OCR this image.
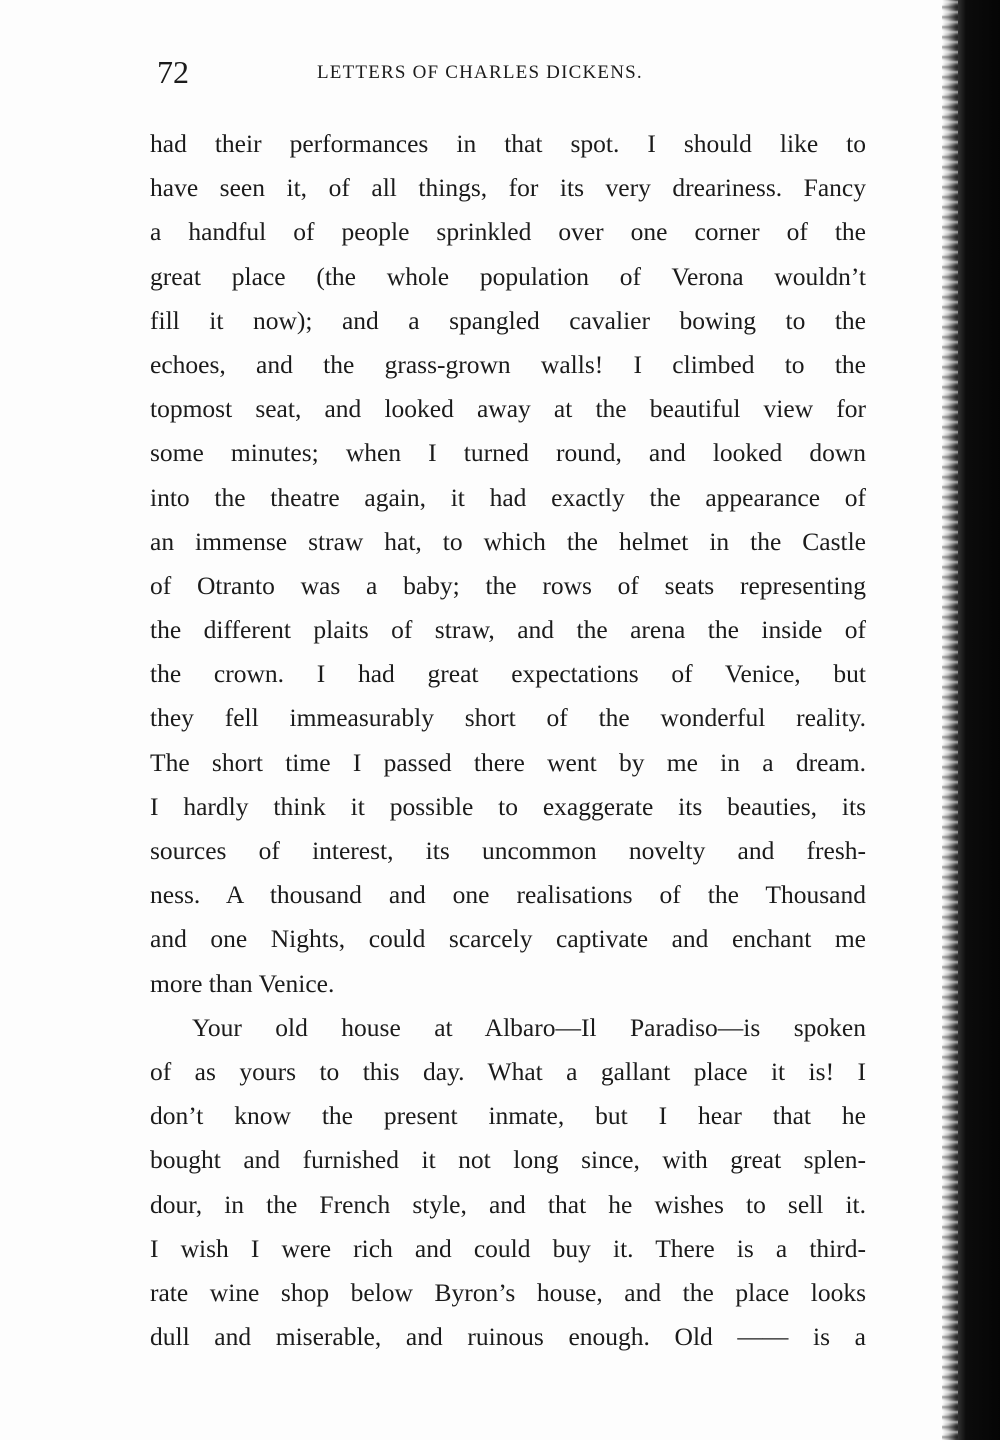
72	LETTERS OF CHARLES DICKENS.
had their performances in that spot. I should like to
have seen it, of all things, for its very dreariness. Fancy
a handful of people sprinkled over one corner of the
great place (the whole population of Verona wouldn’t
fill it now); and a spangled cavalier bowing to the
echoes, and the grass-grown walls! I climbed to the
topmost seat, and looked away at the beautiful view for
some minutes; when I turned round, and looked down
into the theatre again, it had exactly the appearance of
an immense straw hat, to which the helmet in the Castle
of Otranto was a baby; the rows of seats representing
the different plaits of straw, and the arena the inside of
the crown. I had great expectations of Venice, but
they fell immeasurably short of the wonderful reality.
The short time I passed there went by me in a dream.
I hardly think it possible to exaggerate its beauties, its
sources of interest, its uncommon novelty and fresh-
ness. A thousand and one realisations of the Thousand
and one Nights, could scarcely captivate and enchant me
more than Venice.
Your old house at Albaro—Il Paradiso—is spoken
of as yours to this day. What a gallant place it is! I
don’t know the present inmate, but I hear that he
bought and furnished it not long since, with great splen-
dour, in the French style, and that he wishes to sell it.
I wish I were rich and could buy it. There is a third-
rate wine shop below Byron’s house, and the place looks
dull and miserable, and ruinous enough. Old —— is a
